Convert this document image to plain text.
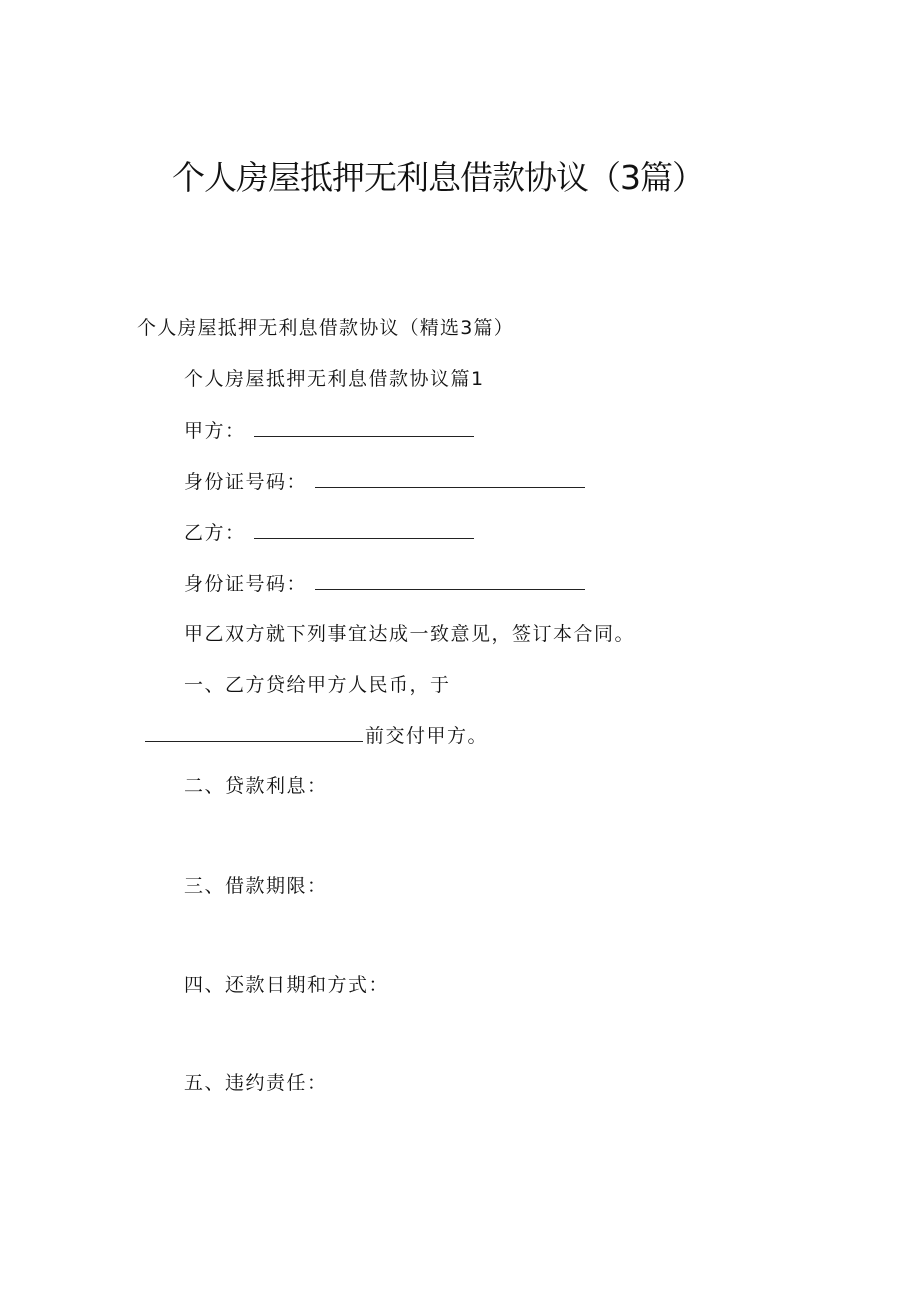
个人房屋抵押无利息借款协议（3篇）
个人房屋抵押无利息借款协议（精选3篇）
个人房屋抵押无利息借款协议篇1
甲方：
身份证号码：
乙方：
身份证号码：
甲乙双方就下列事宜达成一致意见，签订本合同。
一、乙方贷给甲方人民币，于
前交付甲方。
二、贷款利息：
三、借款期限：
四、还款日期和方式：
五、违约责任：
